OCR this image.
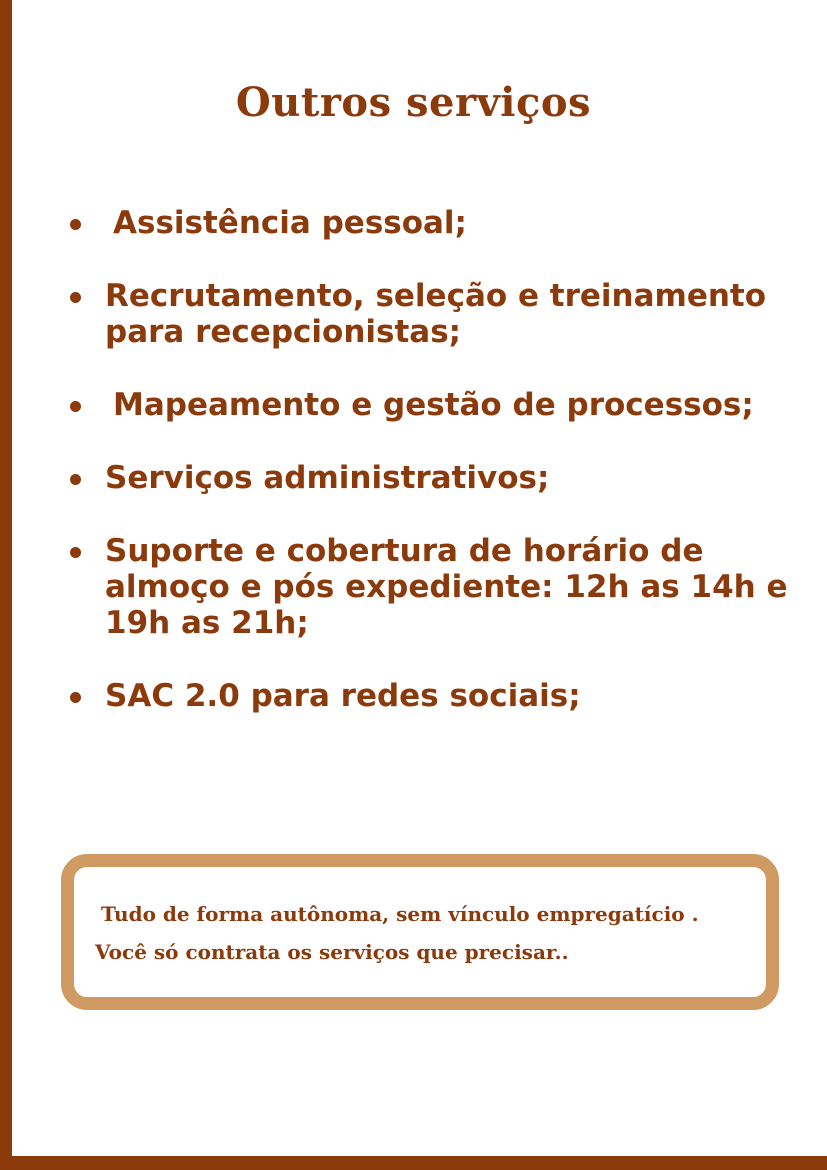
Outros serviços
Assistência pessoal;
Recrutamento, seleção e treinamento para recepcionistas;
Mapeamento e gestão de processos;
Serviços administrativos;
Suporte e cobertura de horário de almoço e pós expediente: 12h as 14h e 19h as 21h;
SAC 2.0 para redes sociais;
Tudo de forma autônoma, sem vínculo empregatício .
Você só contrata os serviços que precisar..
